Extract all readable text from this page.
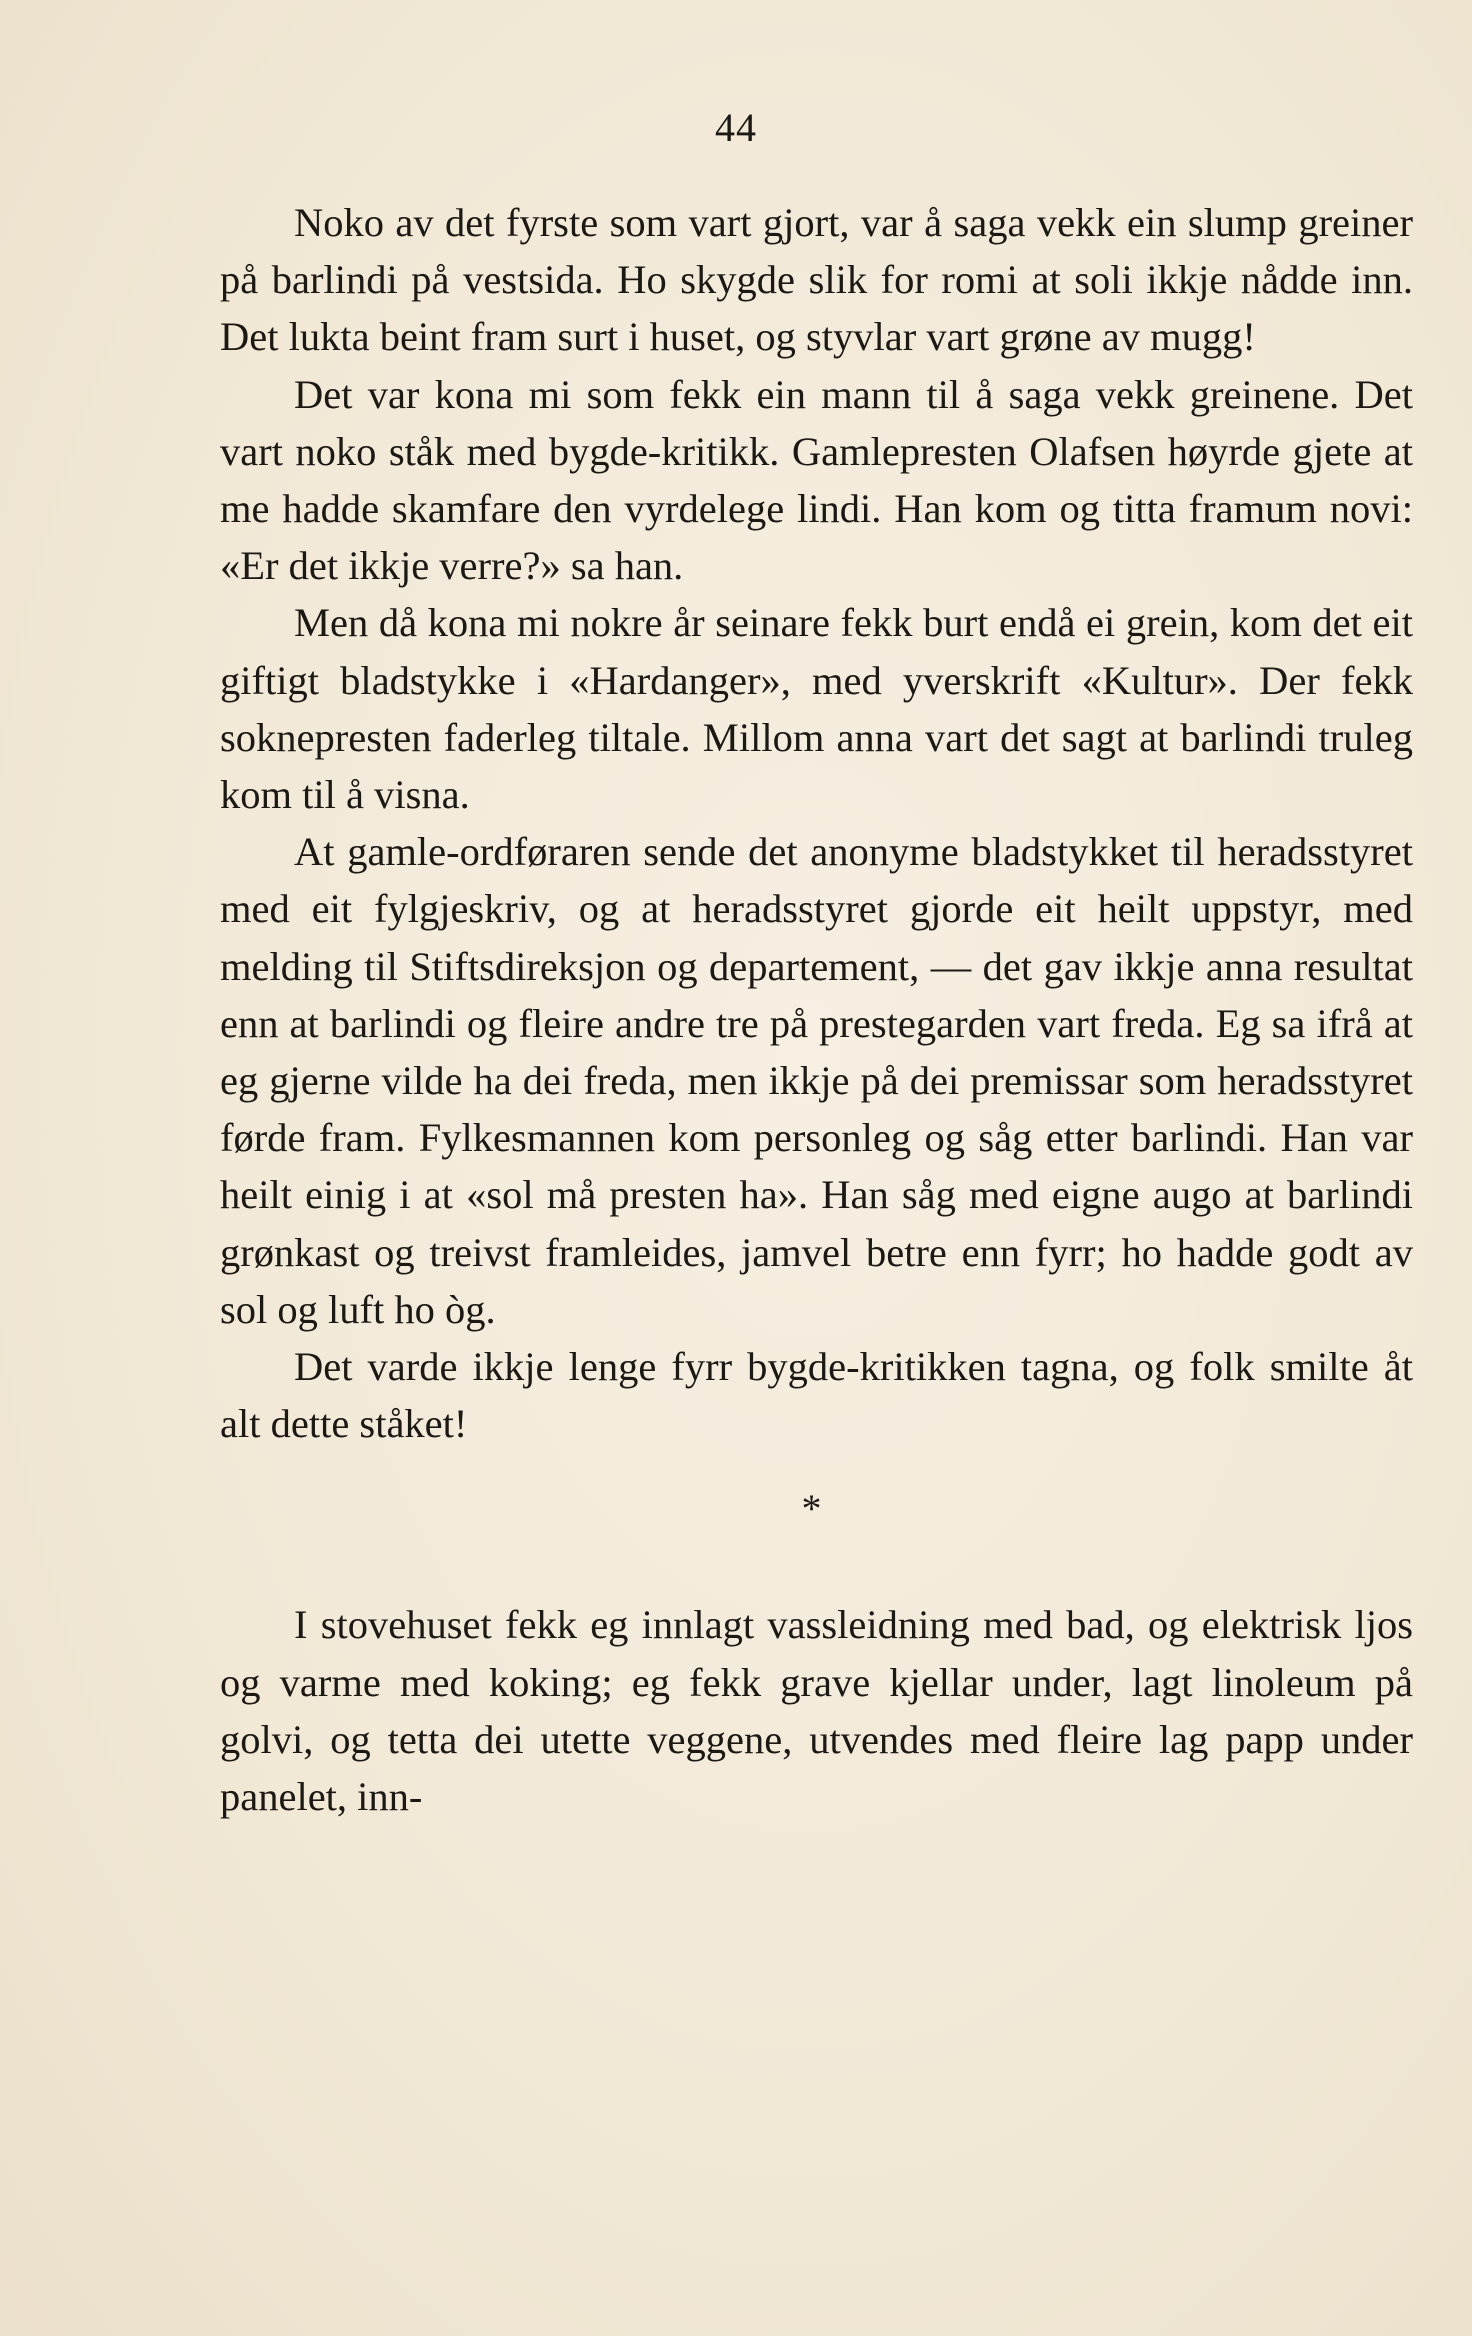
44

Noko av det fyrste som vart gjort, var å saga vekk ein slump greiner på barlindi på vestsida. Ho skygde slik for romi at soli ikkje nådde inn. Det lukta beint fram surt i huset, og styvlar vart grøne av mugg!

Det var kona mi som fekk ein mann til å saga vekk greinene. Det vart noko ståk med bygde-kritikk. Gamlepresten Olafsen høyrde gjete at me hadde skamfare den vyrdelege lindi. Han kom og titta framum novi: «Er det ikkje verre?» sa han.

Men då kona mi nokre år seinare fekk burt endå ei grein, kom det eit giftigt bladstykke i «Hardanger», med yverskrift «Kultur». Der fekk soknepresten faderleg tiltale. Millom anna vart det sagt at barlindi truleg kom til å visna.

At gamle-ordføraren sende det anonyme bladstykket til heradsstyret med eit fylgjeskriv, og at heradsstyret gjorde eit heilt uppstyr, med melding til Stiftsdireksjon og departement, — det gav ikkje anna resultat enn at barlindi og fleire andre tre på prestegarden vart freda. Eg sa ifrå at eg gjerne vilde ha dei freda, men ikkje på dei premissar som heradsstyret førde fram. Fylkesmannen kom personleg og såg etter barlindi. Han var heilt einig i at «sol må presten ha». Han såg med eigne augo at barlindi grønkast og treivst framleides, jamvel betre enn fyrr; ho hadde godt av sol og luft ho òg.

Det varde ikkje lenge fyrr bygde-kritikken tagna, og folk smilte åt alt dette ståket!

*

I stovehuset fekk eg innlagt vassleidning med bad, og elektrisk ljos og varme med koking; eg fekk grave kjellar under, lagt linoleum på golvi, og tetta dei utette veggene, utvendes med fleire lag papp under panelet, inn-
